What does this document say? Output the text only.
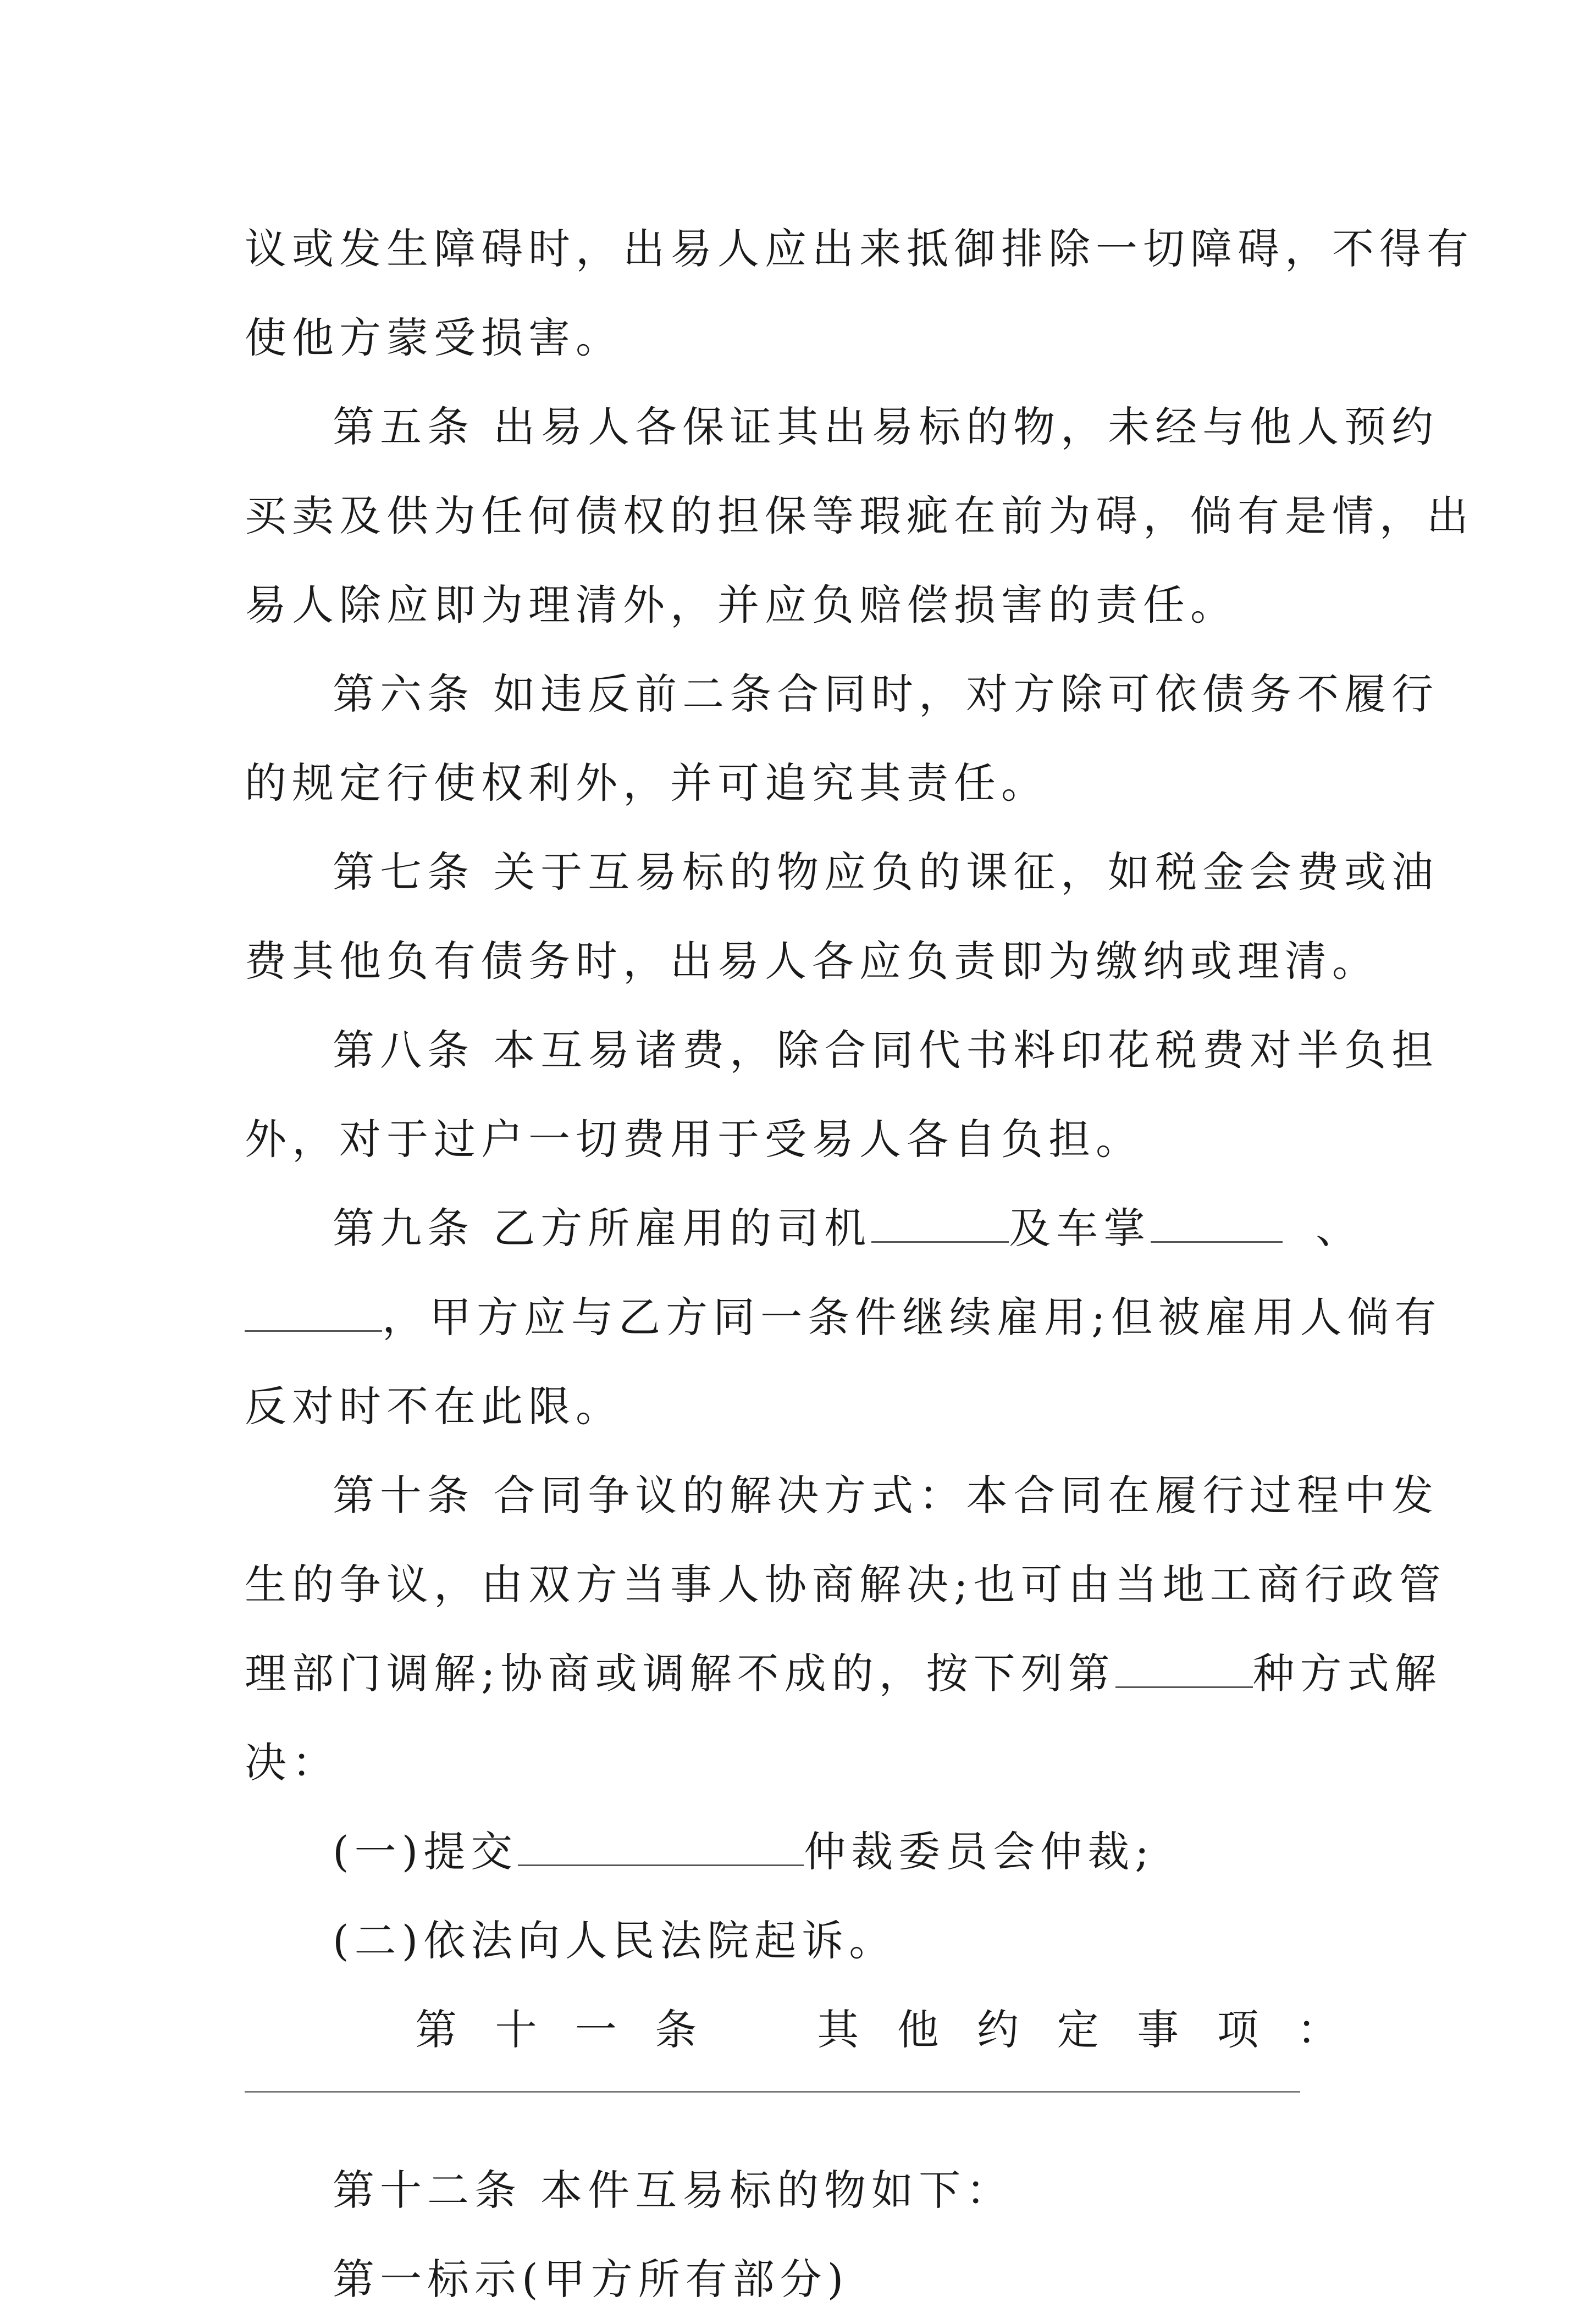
议或发生障碍时，出易人应出来抵御排除一切障碍，不得有
使他方蒙受损害。
第五条 出易人各保证其出易标的物，未经与他人预约
买卖及供为任何债权的担保等瑕疵在前为碍，倘有是情，出
易人除应即为理清外，并应负赔偿损害的责任。
第六条 如违反前二条合同时，对方除可依债务不履行
的规定行使权利外，并可追究其责任。
第七条 关于互易标的物应负的课征，如税金会费或油
费其他负有债务时，出易人各应负责即为缴纳或理清。
第八条 本互易诸费，除合同代书料印花税费对半负担
外，对于过户一切费用于受易人各自负担。
第九条 乙方所雇用的司机	及车掌	、
，甲方应与乙方同一条件继续雇用;但被雇用人倘有
反对时不在此限。
第十条 合同争议的解决方式：本合同在履行过程中发
生的争议，由双方当事人协商解决;也可由当地工商行政管
理部门调解;协商或调解不成的，按下列第	种方式解
决：
(一)提交	仲裁委员会仲裁;
(二)依法向人民法院起诉。
第 十 一 条	其 他 约 定 事 项 ：
第十二条 本件互易标的物如下：
第一标示(甲方所有部分)
